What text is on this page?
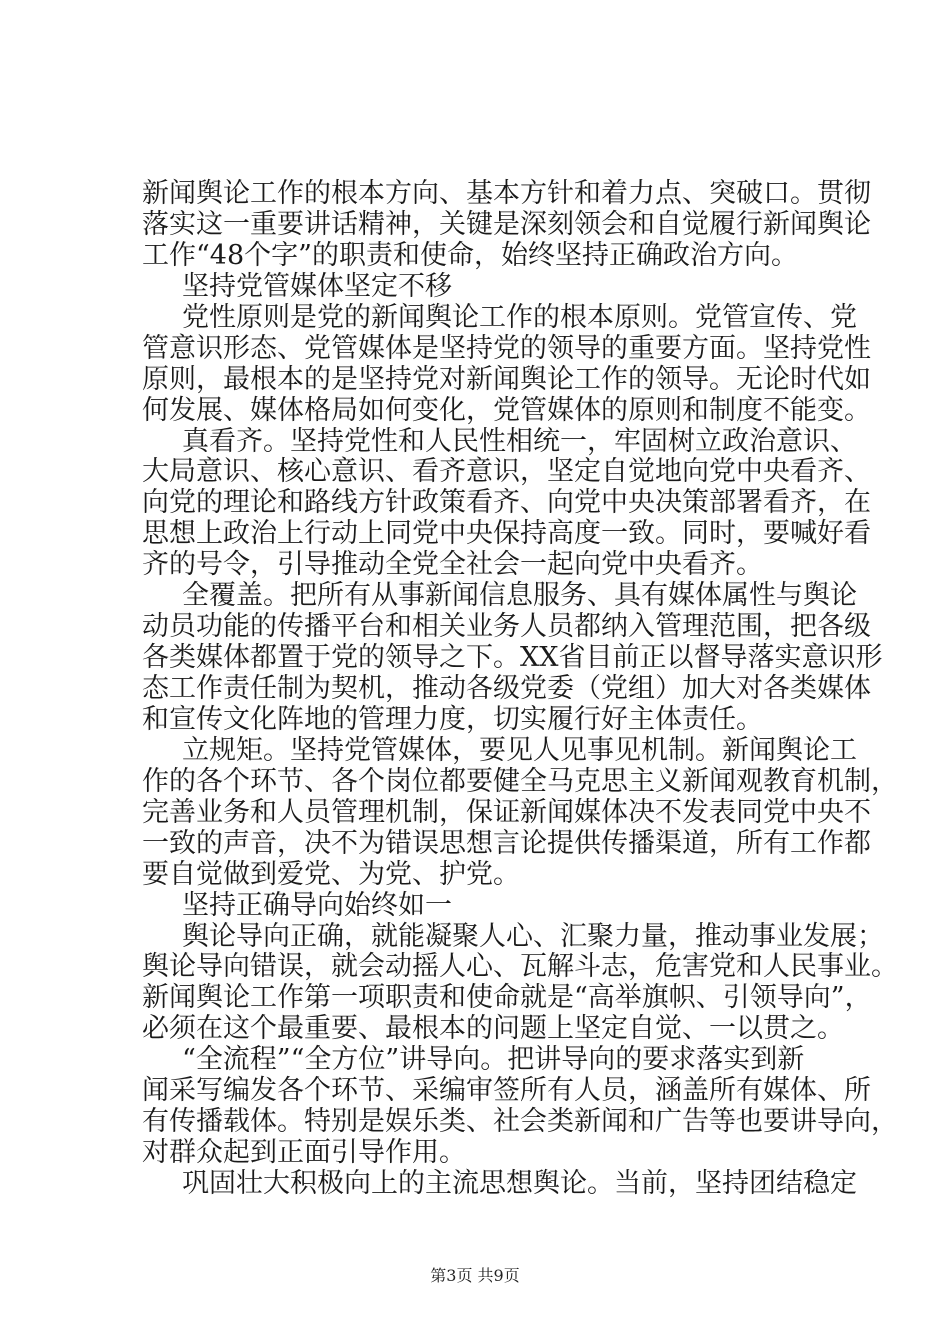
新闻舆论工作的根本方向、基本方针和着力点、突破口。贯彻
落实这一重要讲话精神，关键是深刻领会和自觉履行新闻舆论
工作“48个字”的职责和使命，始终坚持正确政治方向。
坚持党管媒体坚定不移
党性原则是党的新闻舆论工作的根本原则。党管宣传、党
管意识形态、党管媒体是坚持党的领导的重要方面。坚持党性
原则，最根本的是坚持党对新闻舆论工作的领导。无论时代如
何发展、媒体格局如何变化，党管媒体的原则和制度不能变。
真看齐。坚持党性和人民性相统一，牢固树立政治意识、
大局意识、核心意识、看齐意识，坚定自觉地向党中央看齐、
向党的理论和路线方针政策看齐、向党中央决策部署看齐，在
思想上政治上行动上同党中央保持高度一致。同时，要喊好看
齐的号令，引导推动全党全社会一起向党中央看齐。
全覆盖。把所有从事新闻信息服务、具有媒体属性与舆论
动员功能的传播平台和相关业务人员都纳入管理范围，把各级
各类媒体都置于党的领导之下。XX省目前正以督导落实意识形
态工作责任制为契机，推动各级党委（党组）加大对各类媒体
和宣传文化阵地的管理力度，切实履行好主体责任。
立规矩。坚持党管媒体，要见人见事见机制。新闻舆论工
作的各个环节、各个岗位都要健全马克思主义新闻观教育机制，
完善业务和人员管理机制，保证新闻媒体决不发表同党中央不
一致的声音，决不为错误思想言论提供传播渠道，所有工作都
要自觉做到爱党、为党、护党。
坚持正确导向始终如一
舆论导向正确，就能凝聚人心、汇聚力量，推动事业发展；
舆论导向错误，就会动摇人心、瓦解斗志，危害党和人民事业。
新闻舆论工作第一项职责和使命就是“高举旗帜、引领导向”，
必须在这个最重要、最根本的问题上坚定自觉、一以贯之。
“全流程”“全方位”讲导向。把讲导向的要求落实到新
闻采写编发各个环节、采编审签所有人员，涵盖所有媒体、所
有传播载体。特别是娱乐类、社会类新闻和广告等也要讲导向，
对群众起到正面引导作用。
巩固壮大积极向上的主流思想舆论。当前，坚持团结稳定
第3页 共9页
